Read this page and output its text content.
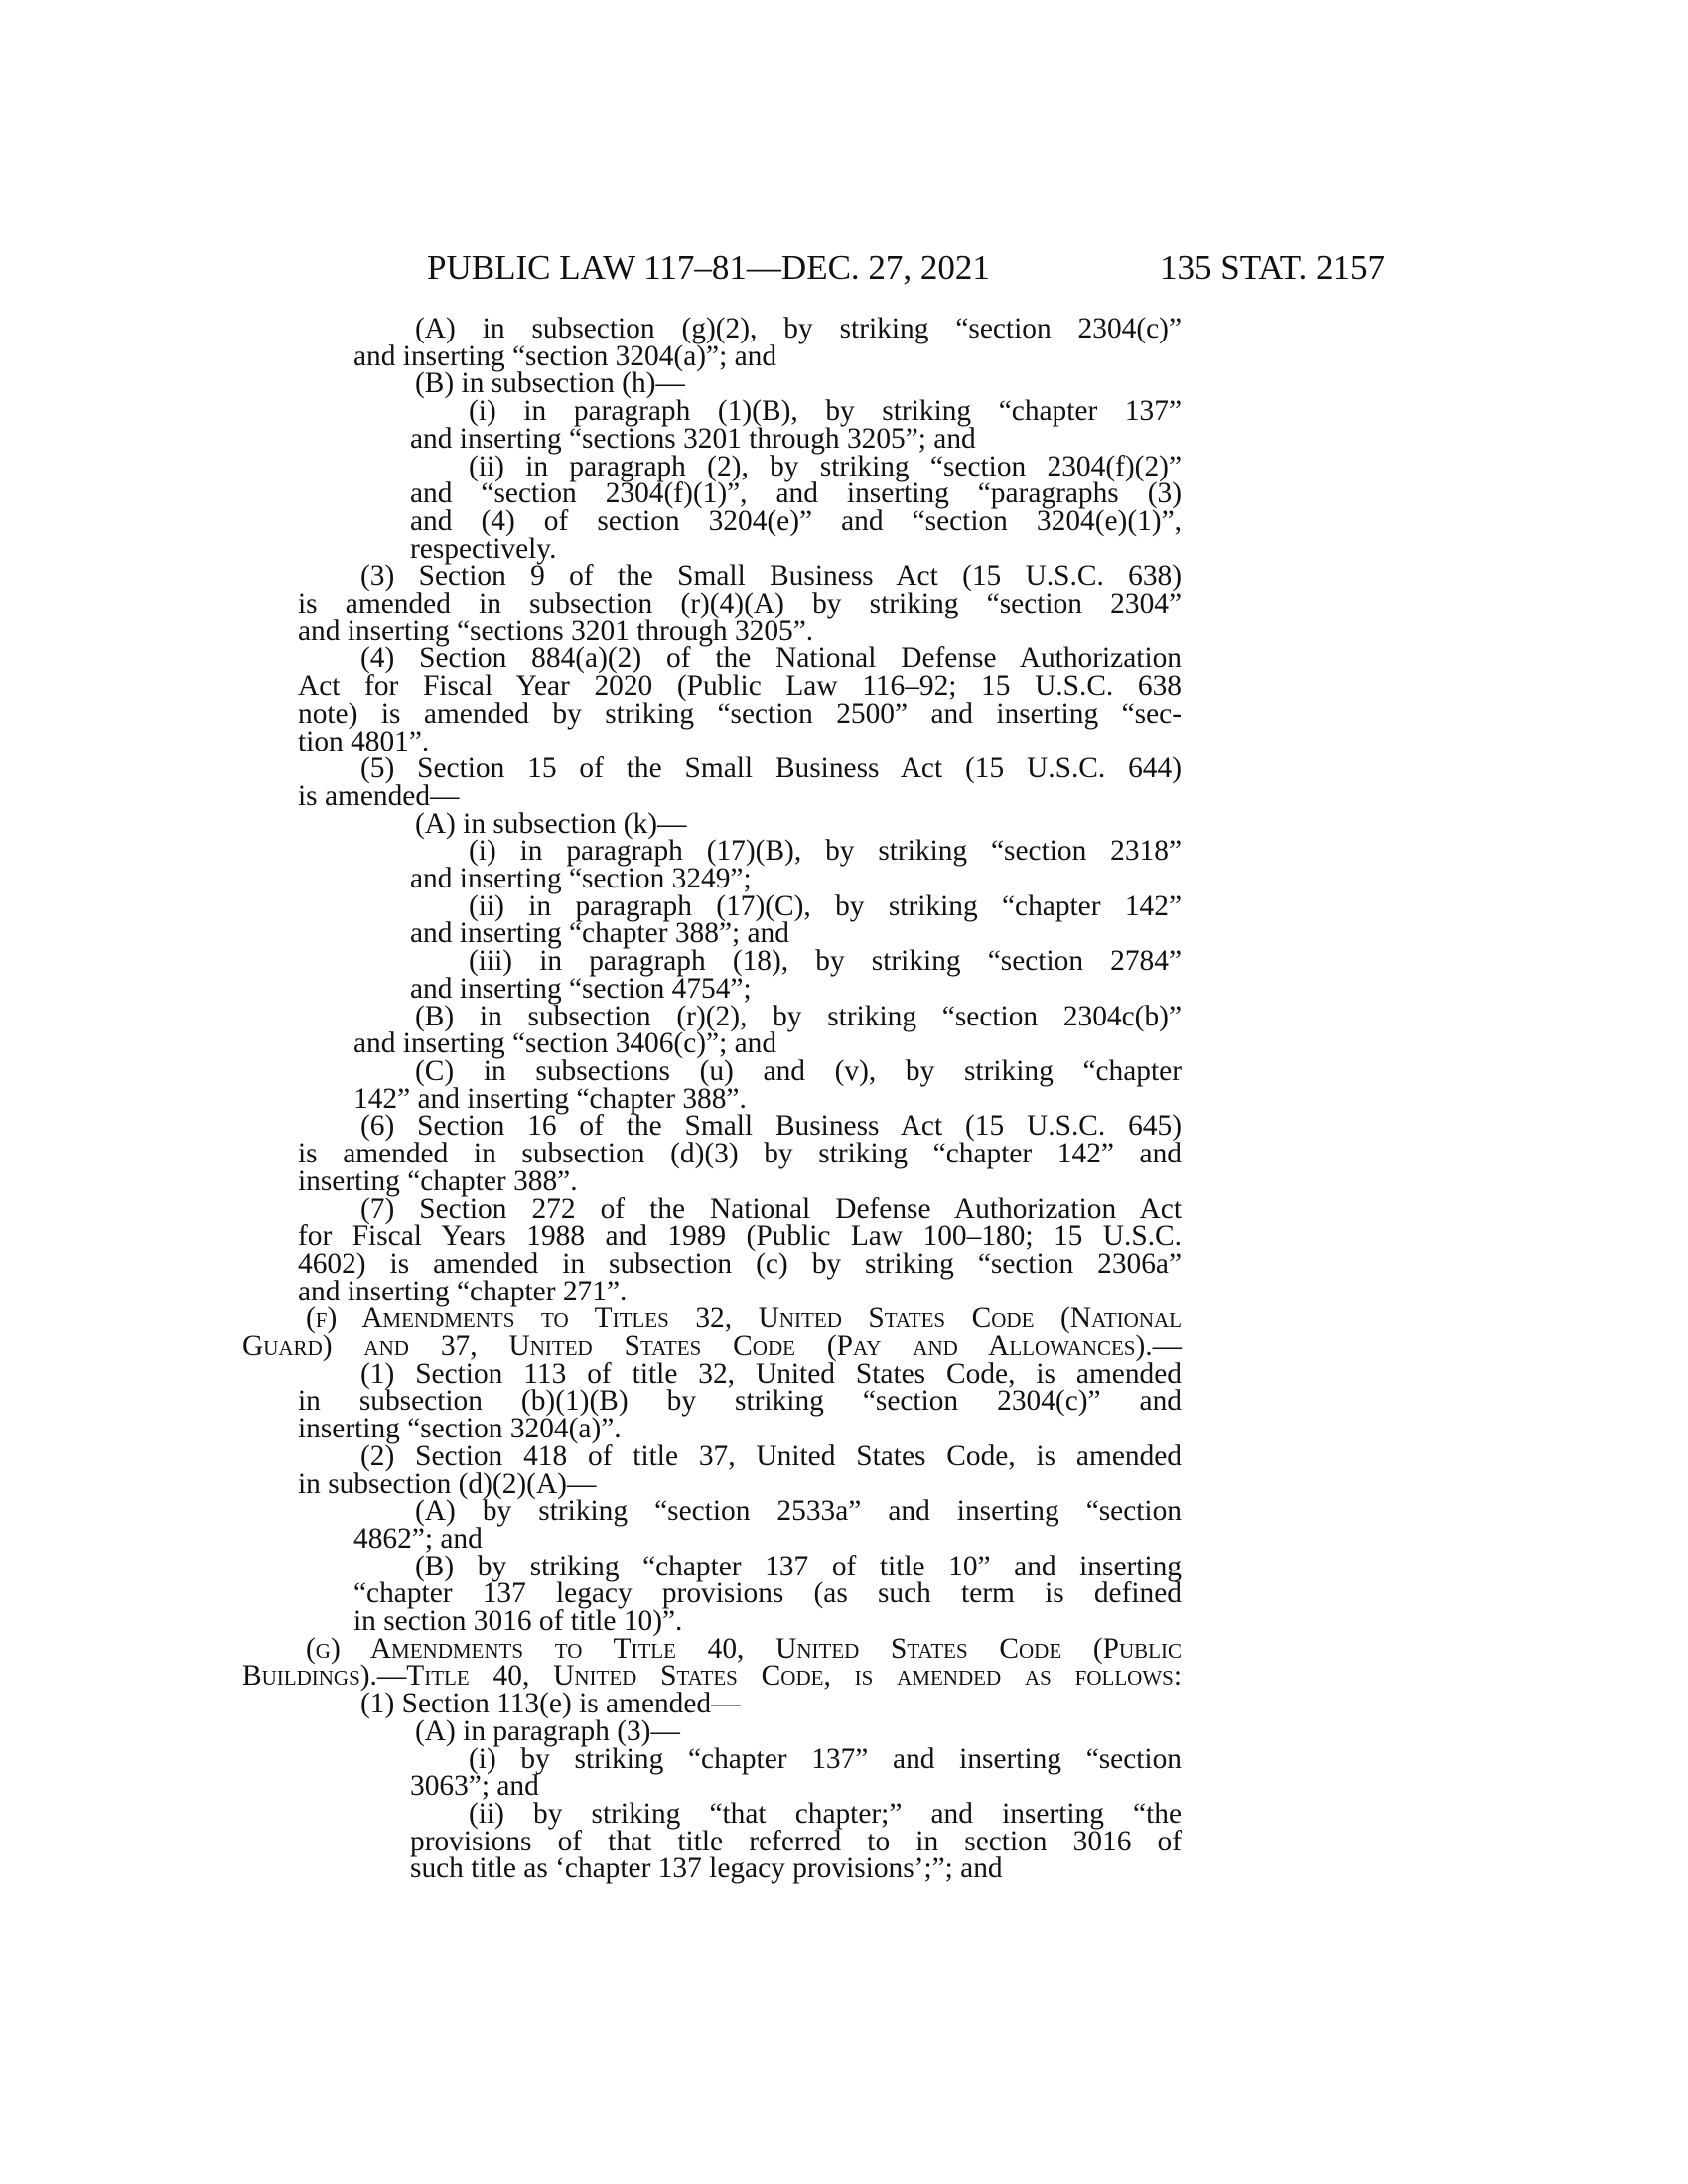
PUBLIC LAW 117–81—DEC. 27, 2021	135 STAT. 2157

(A) in subsection (g)(2), by striking “section 2304(c)”

and inserting “section 3204(a)”; and

(B) in subsection (h)—

(i) in paragraph (1)(B), by striking “chapter 137”

and inserting “sections 3201 through 3205”; and

(ii) in paragraph (2), by striking “section 2304(f)(2)”

and “section 2304(f)(1)”, and inserting “paragraphs (3)

and (4) of section 3204(e)” and “section 3204(e)(1)”,

respectively.

(3) Section 9 of the Small Business Act (15 U.S.C. 638)

is amended in subsection (r)(4)(A) by striking “section 2304”

and inserting “sections 3201 through 3205”.

(4) Section 884(a)(2) of the National Defense Authorization

Act for Fiscal Year 2020 (Public Law 116–92; 15 U.S.C. 638

note) is amended by striking “section 2500” and inserting “sec-

tion 4801”.

(5) Section 15 of the Small Business Act (15 U.S.C. 644)

is amended—

(A) in subsection (k)—

(i) in paragraph (17)(B), by striking “section 2318”

and inserting “section 3249”;

(ii) in paragraph (17)(C), by striking “chapter 142”

and inserting “chapter 388”; and

(iii) in paragraph (18), by striking “section 2784”

and inserting “section 4754”;

(B) in subsection (r)(2), by striking “section 2304c(b)”

and inserting “section 3406(c)”; and

(C) in subsections (u) and (v), by striking “chapter

142” and inserting “chapter 388”.

(6) Section 16 of the Small Business Act (15 U.S.C. 645)

is amended in subsection (d)(3) by striking “chapter 142” and

inserting “chapter 388”.

(7) Section 272 of the National Defense Authorization Act

for Fiscal Years 1988 and 1989 (Public Law 100–180; 15 U.S.C.

4602) is amended in subsection (c) by striking “section 2306a”

and inserting “chapter 271”.

(f) Amendments to Titles 32, United States Code (National

Guard) and 37, United States Code (Pay and Allowances).—

(1) Section 113 of title 32, United States Code, is amended

in subsection (b)(1)(B) by striking “section 2304(c)” and

inserting “section 3204(a)”.

(2) Section 418 of title 37, United States Code, is amended

in subsection (d)(2)(A)—

(A) by striking “section 2533a” and inserting “section

4862”; and

(B) by striking “chapter 137 of title 10” and inserting

“chapter 137 legacy provisions (as such term is defined

in section 3016 of title 10)”.

(g) Amendments to Title 40, United States Code (Public

Buildings).—Title 40, United States Code, is amended as follows:

(1) Section 113(e) is amended—

(A) in paragraph (3)—

(i) by striking “chapter 137” and inserting “section

3063”; and

(ii) by striking “that chapter;” and inserting “the

provisions of that title referred to in section 3016 of

such title as ‘chapter 137 legacy provisions’;”; and
